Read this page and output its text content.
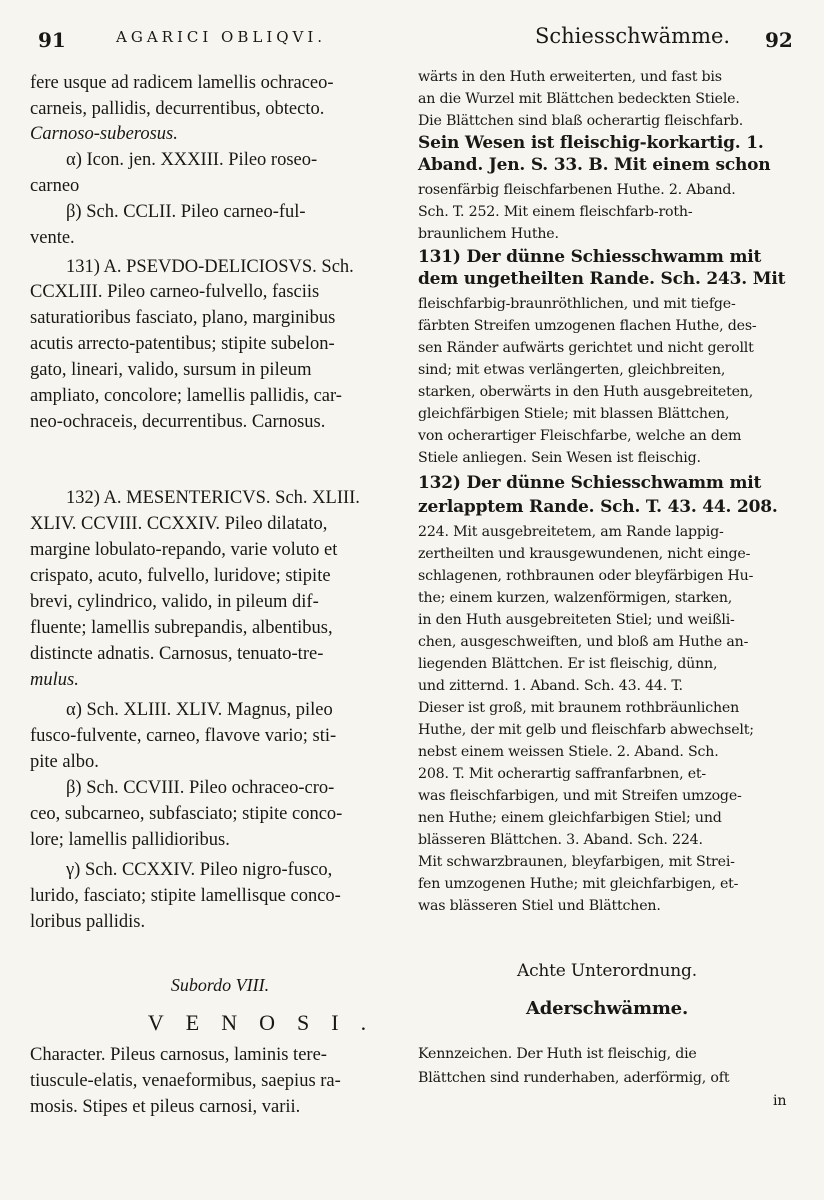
91	AGARICI OBLIQVI.	Schiesschwämme. 92
fere usque ad radicem lamellis ochraceo-
carneis, pallidis, decurrentibus, obtecto.
Carnoso-suberosus.
α) Icon. jen. XXXIII. Pileo roseo-
carneo
β) Sch. CCLII. Pileo carneo-ful-
vente.
131) A. PSEVDO-DELICIOSVS. Sch.
CCXLIII. Pileo carneo-fulvello, fasciis
saturatioribus fasciato, plano, marginibus
acutis arrecto-patentibus; stipite subelon-
gato, lineari, valido, sursum in pileum
ampliato, concolore; lamellis pallidis, car-
neo-ochraceis, decurrentibus. Carnosus.
132) A. MESENTERICVS. Sch. XLIII.
XLIV. CCVIII. CCXXIV. Pileo dilatato,
margine lobulato-repando, varie voluto et
crispato, acuto, fulvello, luridove; stipite
brevi, cylindrico, valido, in pileum dif-
fluente; lamellis subrepandis, albentibus,
distincte adnatis. Carnosus, tenuato-tre-
mulus.
α) Sch. XLIII. XLIV. Magnus, pileo
fusco-fulvente, carneo, flavove vario; sti-
pite albo.
β) Sch. CCVIII. Pileo ochraceo-cro-
ceo, subcarneo, subfasciato; stipite conco-
lore; lamellis pallidioribus.
γ) Sch. CCXXIV. Pileo nigro-fusco,
lurido, fasciato; stipite lamellisque conco-
loribus pallidis.
Subordo VIII.
VENOSI.
Character. Pileus carnosus, laminis tere-
tiuscule-elatis, venaeformibus, saepius ra-
mosis. Stipes et pileus carnosi, varii.
wärts in den Huth erweiterten, und fast bis
an die Wurzel mit Blättchen bedeckten Stiele.
Die Blättchen sind blaß ocherartig fleischfarb.
Sein Wesen ist fleischig-korkartig. 1.
Aband. Jen. S. 33. B. Mit einem schon
rosenfärbig fleischfarbenen Huthe. 2. Aband.
Sch. T. 252. Mit einem fleischfarb-roth-
braunlichem Huthe.
131) Der dünne Schiesschwamm mit
dem ungetheilten Rande. Sch. 243. Mit
fleischfarbig-braunröthlichen, und mit tiefge-
färbten Streifen umzogenen flachen Huthe, des-
sen Ränder aufwärts gerichtet und nicht gerollt
sind; mit etwas verlängerten, gleichbreiten,
starken, oberwärts in den Huth ausgebreiteten,
gleichfärbigen Stiele; mit blassen Blättchen,
von ocherartiger Fleischfarbe, welche an dem
Stiele anliegen. Sein Wesen ist fleischig.
132) Der dünne Schiesschwamm mit
zerlapptem Rande. Sch. T. 43. 44. 208.
224. Mit ausgebreitetem, am Rande lappig-
zertheilten und krausgewundenen, nicht einge-
schlagenen, rothbraunen oder bleyfärbigen Hu-
the; einem kurzen, walzenförmigen, starken,
in den Huth ausgebreiteten Stiel; und weißli-
chen, ausgeschweiften, und bloß am Huthe an-
liegenden Blättchen. Er ist fleischig, dünn,
und zitternd. 1. Aband. Sch. 43. 44. T.
Dieser ist groß, mit braunem rothbräunlichen
Huthe, der mit gelb und fleischfarb abwechselt;
nebst einem weissen Stiele. 2. Aband. Sch.
208. T. Mit ocherartig saffranfarbnen, et-
was fleischfarbigen, und mit Streifen umzoge-
nen Huthe; einem gleichfarbigen Stiel; und
blässeren Blättchen. 3. Aband. Sch. 224.
Mit schwarzbraunen, bleyfarbigen, mit Strei-
fen umzogenen Huthe; mit gleichfarbigen, et-
was blässeren Stiel und Blättchen.
Achte Unterordnung.
Aderschwämme.
Kennzeichen. Der Huth ist fleischig, die
Blättchen sind runderhaben, aderförmig, oft
in
